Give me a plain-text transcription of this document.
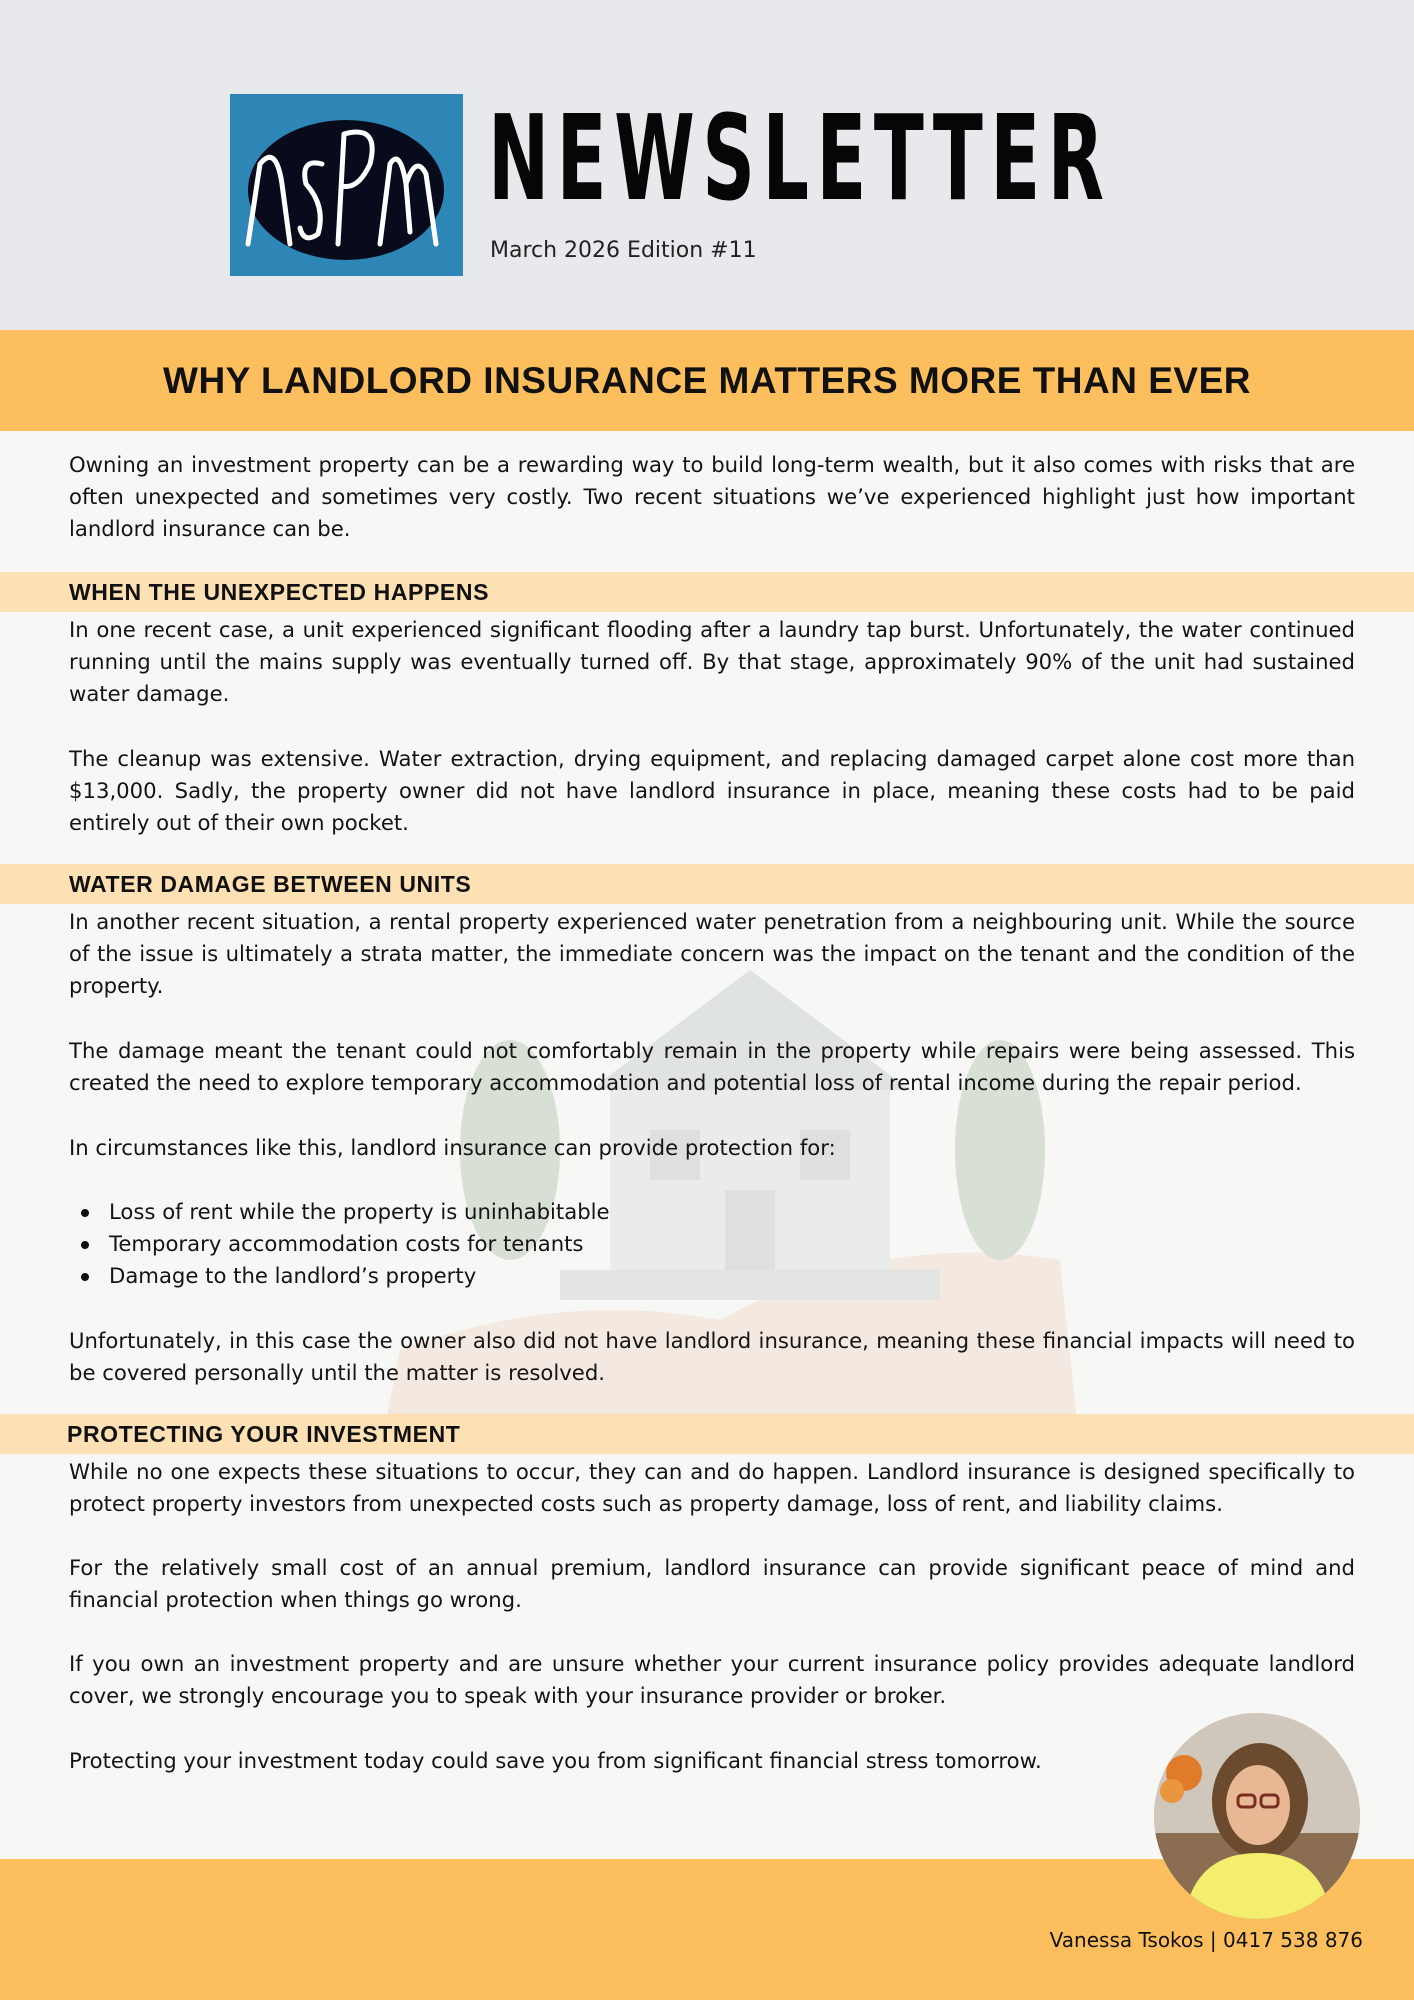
NEWSLETTER
March 2026 Edition #11
WHY LANDLORD INSURANCE MATTERS MORE THAN EVER

Owning an investment property can be a rewarding way to build long-term wealth, but it also comes with risks that are often unexpected and sometimes very costly. Two recent situations we’ve experienced highlight just how important landlord insurance can be.

WHEN THE UNEXPECTED HAPPENS

In one recent case, a unit experienced significant flooding after a laundry tap burst. Unfortunately, the water continued running until the mains supply was eventually turned off. By that stage, approximately 90% of the unit had sustained water damage.

The cleanup was extensive. Water extraction, drying equipment, and replacing damaged carpet alone cost more than $13,000. Sadly, the property owner did not have landlord insurance in place, meaning these costs had to be paid entirely out of their own pocket.

WATER DAMAGE BETWEEN UNITS

In another recent situation, a rental property experienced water penetration from a neighbouring unit. While the source of the issue is ultimately a strata matter, the immediate concern was the impact on the tenant and the condition of the property.

The damage meant the tenant could not comfortably remain in the property while repairs were being assessed. This created the need to explore temporary accommodation and potential loss of rental income during the repair period.

In circumstances like this, landlord insurance can provide protection for:

Loss of rent while the property is uninhabitable
Temporary accommodation costs for tenants
Damage to the landlord’s property

Unfortunately, in this case the owner also did not have landlord insurance, meaning these financial impacts will need to be covered personally until the matter is resolved.

PROTECTING YOUR INVESTMENT

While no one expects these situations to occur, they can and do happen. Landlord insurance is designed specifically to protect property investors from unexpected costs such as property damage, loss of rent, and liability claims.

For the relatively small cost of an annual premium, landlord insurance can provide significant peace of mind and financial protection when things go wrong.

If you own an investment property and are unsure whether your current insurance policy provides adequate landlord cover, we strongly encourage you to speak with your insurance provider or broker.

Protecting your investment today could save you from significant financial stress tomorrow.

Vanessa Tsokos | 0417 538 876
